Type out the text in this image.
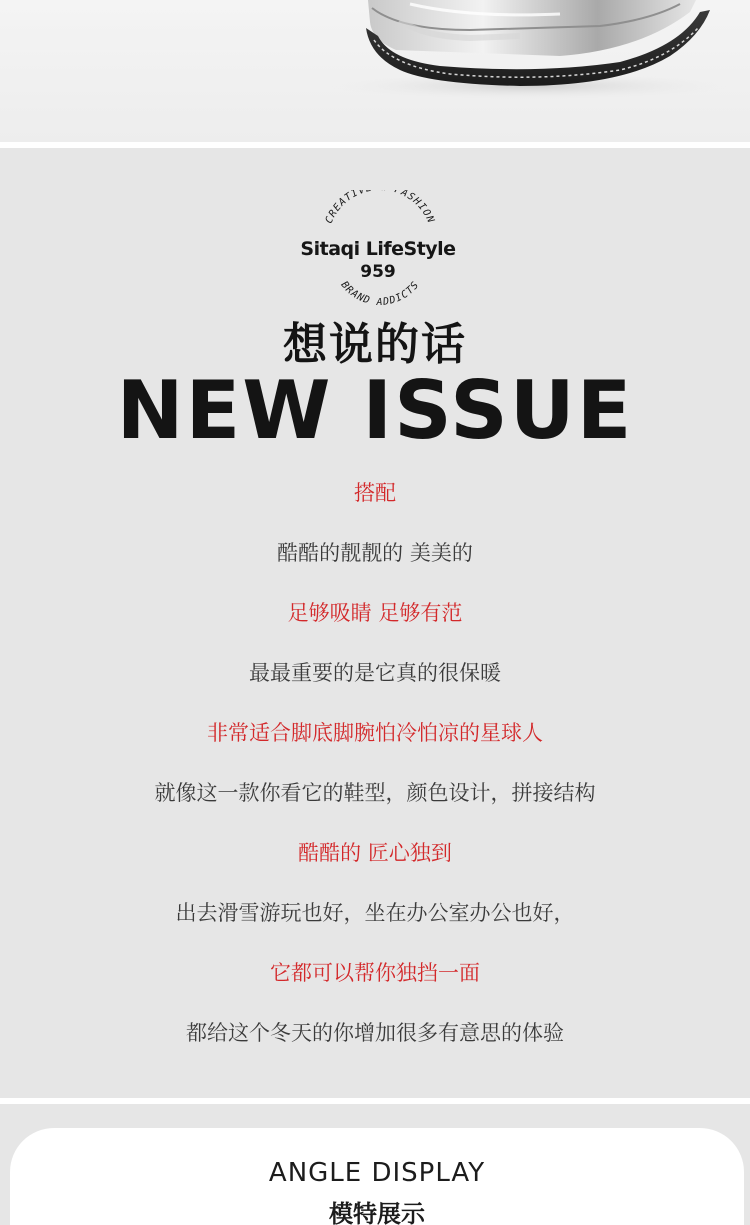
CREATIV FASHION
BRAND ADDICTS
Sitaqi LifeStyle
959
想说的话
NEW ISSUE
搭配
酷酷的靓靓的 美美的
足够吸睛 足够有范
最最重要的是它真的很保暖
非常适合脚底脚腕怕冷怕凉的星球人
就像这一款你看它的鞋型，颜色设计，拼接结构
酷酷的 匠心独到
出去滑雪游玩也好，坐在办公室办公也好，
它都可以帮你独挡一面
都给这个冬天的你增加很多有意思的体验
ANGLE DISPLAY
模特展示
